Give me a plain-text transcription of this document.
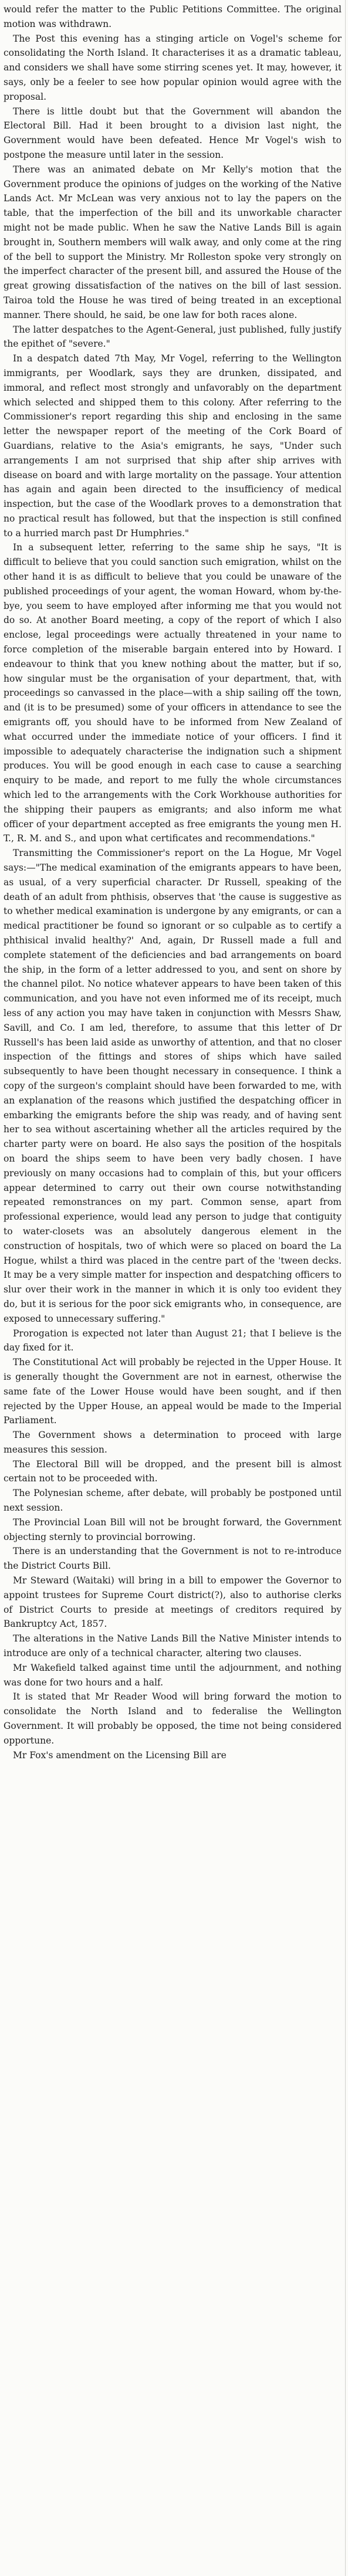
would refer the matter to the Public Petitions Committee. The original motion was withdrawn.

The Post this evening has a stinging article on Vogel's scheme for consolidating the North Island. It characterises it as a dramatic tableau, and considers we shall have some stirring scenes yet. It may, however, it says, only be a feeler to see how popular opinion would agree with the proposal.

There is little doubt but that the Government will abandon the Electoral Bill. Had it been brought to a division last night, the Government would have been defeated. Hence Mr Vogel's wish to postpone the measure until later in the session.

There was an animated debate on Mr Kelly's motion that the Government produce the opinions of judges on the working of the Native Lands Act. Mr McLean was very anxious not to lay the papers on the table, that the imperfection of the bill and its unworkable character might not be made public. When he saw the Native Lands Bill is again brought in, Southern members will walk away, and only come at the ring of the bell to support the Ministry. Mr Rolleston spoke very strongly on the imperfect character of the present bill, and assured the House of the great growing dissatisfaction of the natives on the bill of last session. Tairoa told the House he was tired of being treated in an exceptional manner. There should, he said, be one law for both races alone.

The latter despatches to the Agent-General, just published, fully justify the epithet of "severe."

In a despatch dated 7th May, Mr Vogel, referring to the Wellington immigrants, per Woodlark, says they are drunken, dissipated, and immoral, and reflect most strongly and unfavorably on the department which selected and shipped them to this colony. After referring to the Commissioner's report regarding this ship and enclosing in the same letter the newspaper report of the meeting of the Cork Board of Guardians, relative to the Asia's emigrants, he says, "Under such arrangements I am not surprised that ship after ship arrives with disease on board and with large mortality on the passage. Your attention has again and again been directed to the insufficiency of medical inspection, but the case of the Woodlark proves to a demonstration that no practical result has followed, but that the inspection is still confined to a hurried march past Dr Humphries."

In a subsequent letter, referring to the same ship he says, "It is difficult to believe that you could sanction such emigration, whilst on the other hand it is as difficult to believe that you could be unaware of the published proceedings of your agent, the woman Howard, whom by-the-bye, you seem to have employed after informing me that you would not do so. At another Board meeting, a copy of the report of which I also enclose, legal proceedings were actually threatened in your name to force completion of the miserable bargain entered into by Howard. I endeavour to think that you knew nothing about the matter, but if so, how singular must be the organisation of your department, that, with proceedings so canvassed in the place—with a ship sailing off the town, and (it is to be presumed) some of your officers in attendance to see the emigrants off, you should have to be informed from New Zealand of what occurred under the immediate notice of your officers. I find it impossible to adequately characterise the indignation such a shipment produces. You will be good enough in each case to cause a searching enquiry to be made, and report to me fully the whole circumstances which led to the arrangements with the Cork Workhouse authorities for the shipping their paupers as emigrants; and also inform me what officer of your department accepted as free emigrants the young men H. T., R. M. and S., and upon what certificates and recommendations."

Transmitting the Commissioner's report on the La Hogue, Mr Vogel says:—"The medical examination of the emigrants appears to have been, as usual, of a very superficial character. Dr Russell, speaking of the death of an adult from phthisis, observes that 'the cause is suggestive as to whether medical examination is undergone by any emigrants, or can a medical practitioner be found so ignorant or so culpable as to certify a phthisical invalid healthy?' And, again, Dr Russell made a full and complete statement of the deficiencies and bad arrangements on board the ship, in the form of a letter addressed to you, and sent on shore by the channel pilot. No notice whatever appears to have been taken of this communication, and you have not even informed me of its receipt, much less of any action you may have taken in conjunction with Messrs Shaw, Savill, and Co. I am led, therefore, to assume that this letter of Dr Russell's has been laid aside as unworthy of attention, and that no closer inspection of the fittings and stores of ships which have sailed subsequently to have been thought necessary in consequence. I think a copy of the surgeon's complaint should have been forwarded to me, with an explanation of the reasons which justified the despatching officer in embarking the emigrants before the ship was ready, and of having sent her to sea without ascertaining whether all the articles required by the charter party were on board. He also says the position of the hospitals on board the ships seem to have been very badly chosen. I have previously on many occasions had to complain of this, but your officers appear determined to carry out their own course notwithstanding repeated remonstrances on my part. Common sense, apart from professional experience, would lead any person to judge that contiguity to water-closets was an absolutely dangerous element in the construction of hospitals, two of which were so placed on board the La Hogue, whilst a third was placed in the centre part of the 'tween decks. It may be a very simple matter for inspection and despatching officers to slur over their work in the manner in which it is only too evident they do, but it is serious for the poor sick emigrants who, in consequence, are exposed to unnecessary suffering."

Prorogation is expected not later than August 21; that I believe is the day fixed for it.

The Constitutional Act will probably be rejected in the Upper House. It is generally thought the Government are not in earnest, otherwise the same fate of the Lower House would have been sought, and if then rejected by the Upper House, an appeal would be made to the Imperial Parliament.

The Government shows a determination to proceed with large measures this session.

The Electoral Bill will be dropped, and the present bill is almost certain not to be proceeded with.

The Polynesian scheme, after debate, will probably be postponed until next session.

The Provincial Loan Bill will not be brought forward, the Government objecting sternly to provincial borrowing.

There is an understanding that the Government is not to re-introduce the District Courts Bill.

Mr Steward (Waitaki) will bring in a bill to empower the Governor to appoint trustees for Supreme Court district(?), also to authorise clerks of District Courts to preside at meetings of creditors required by Bankruptcy Act, 1857.

The alterations in the Native Lands Bill the Native Minister intends to introduce are only of a technical character, altering two clauses.

Mr Wakefield talked against time until the adjournment, and nothing was done for two hours and a half.

It is stated that Mr Reader Wood will bring forward the motion to consolidate the North Island and to federalise the Wellington Government. It will probably be opposed, the time not being considered opportune.

Mr Fox's amendment on the Licensing Bill are
